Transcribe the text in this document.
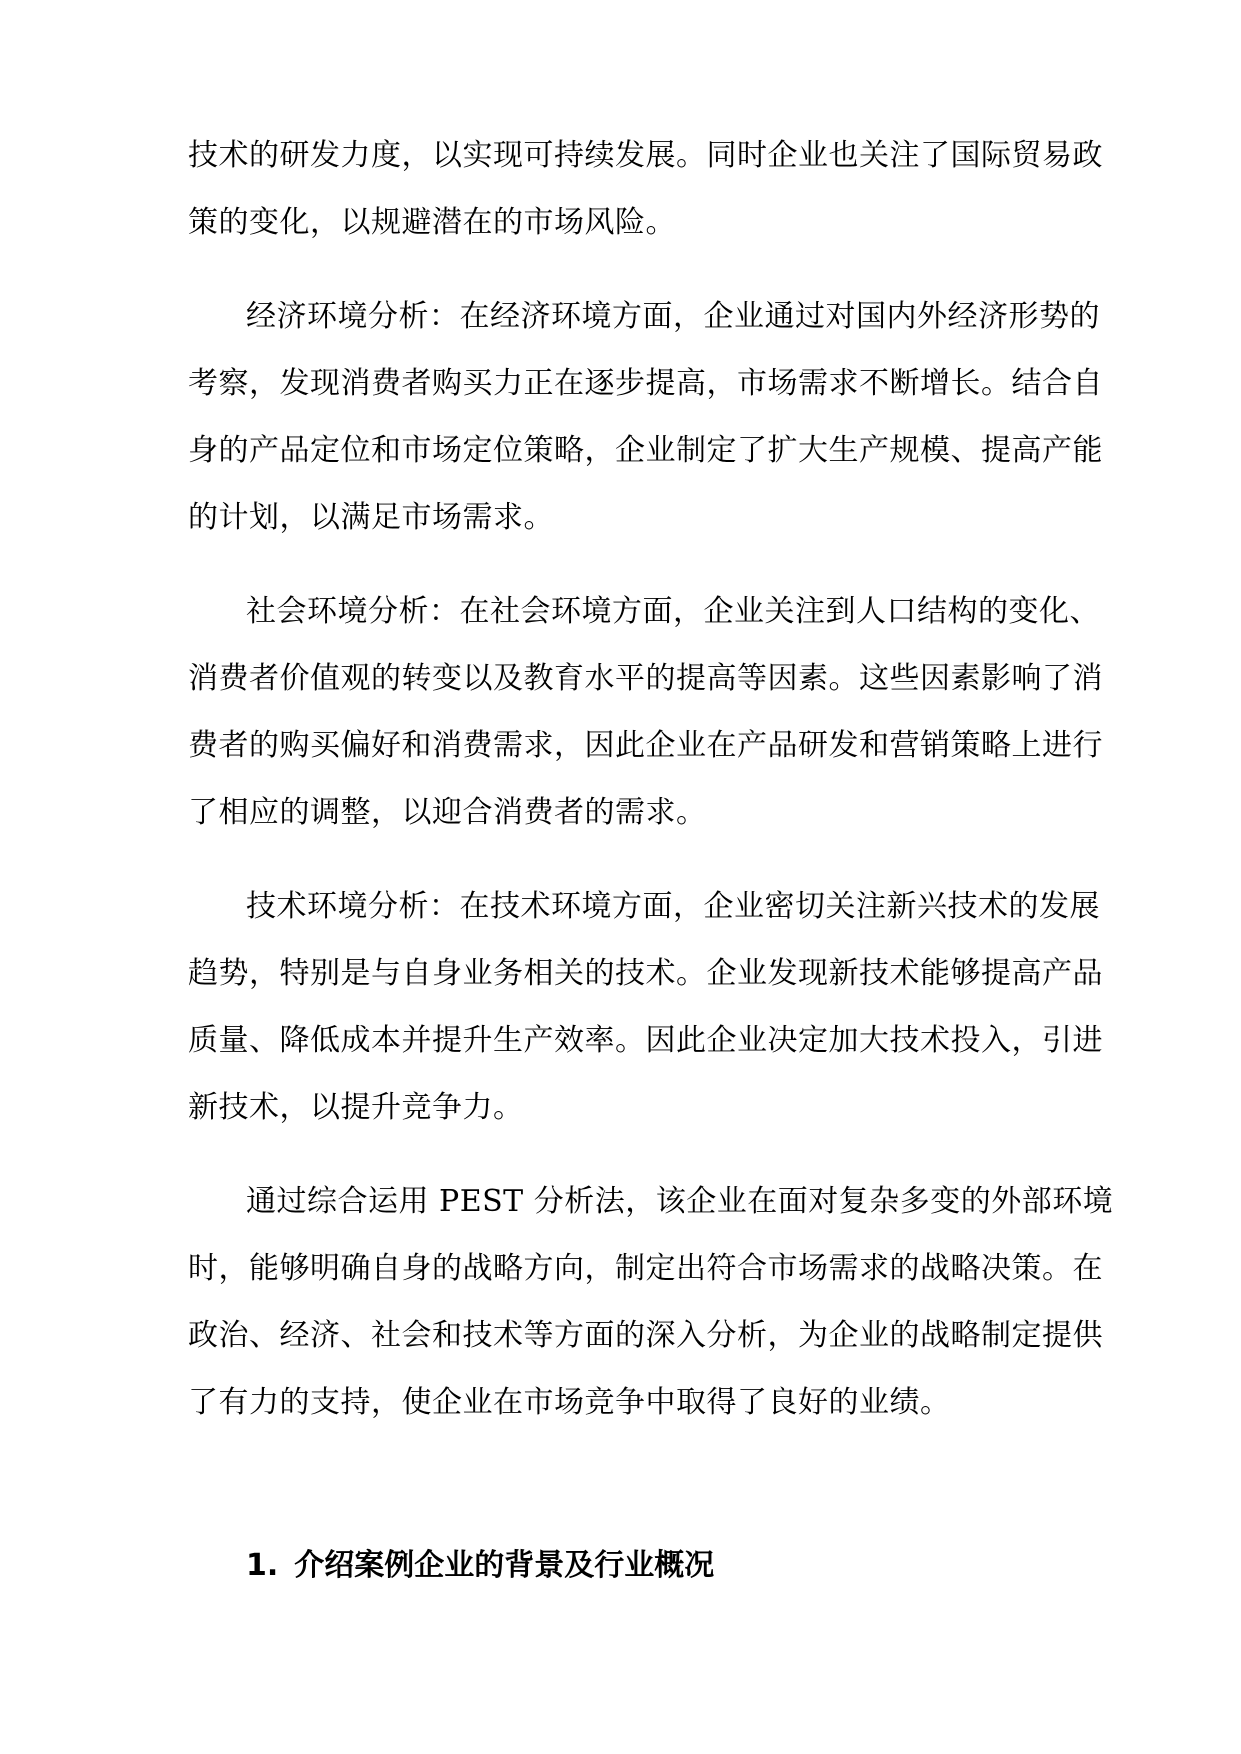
技术的研发力度，以实现可持续发展。同时企业也关注了国际贸易政
策的变化，以规避潜在的市场风险。
经济环境分析：在经济环境方面，企业通过对国内外经济形势的
考察，发现消费者购买力正在逐步提高，市场需求不断增长。结合自
身的产品定位和市场定位策略，企业制定了扩大生产规模、提高产能
的计划，以满足市场需求。
社会环境分析：在社会环境方面，企业关注到人口结构的变化、
消费者价值观的转变以及教育水平的提高等因素。这些因素影响了消
费者的购买偏好和消费需求，因此企业在产品研发和营销策略上进行
了相应的调整，以迎合消费者的需求。
技术环境分析：在技术环境方面，企业密切关注新兴技术的发展
趋势，特别是与自身业务相关的技术。企业发现新技术能够提高产品
质量、降低成本并提升生产效率。因此企业决定加大技术投入，引进
新技术，以提升竞争力。
通过综合运用 PEST 分析法，该企业在面对复杂多变的外部环境
时，能够明确自身的战略方向，制定出符合市场需求的战略决策。在
政治、经济、社会和技术等方面的深入分析，为企业的战略制定提供
了有力的支持，使企业在市场竞争中取得了良好的业绩。
1. 介绍案例企业的背景及行业概况
